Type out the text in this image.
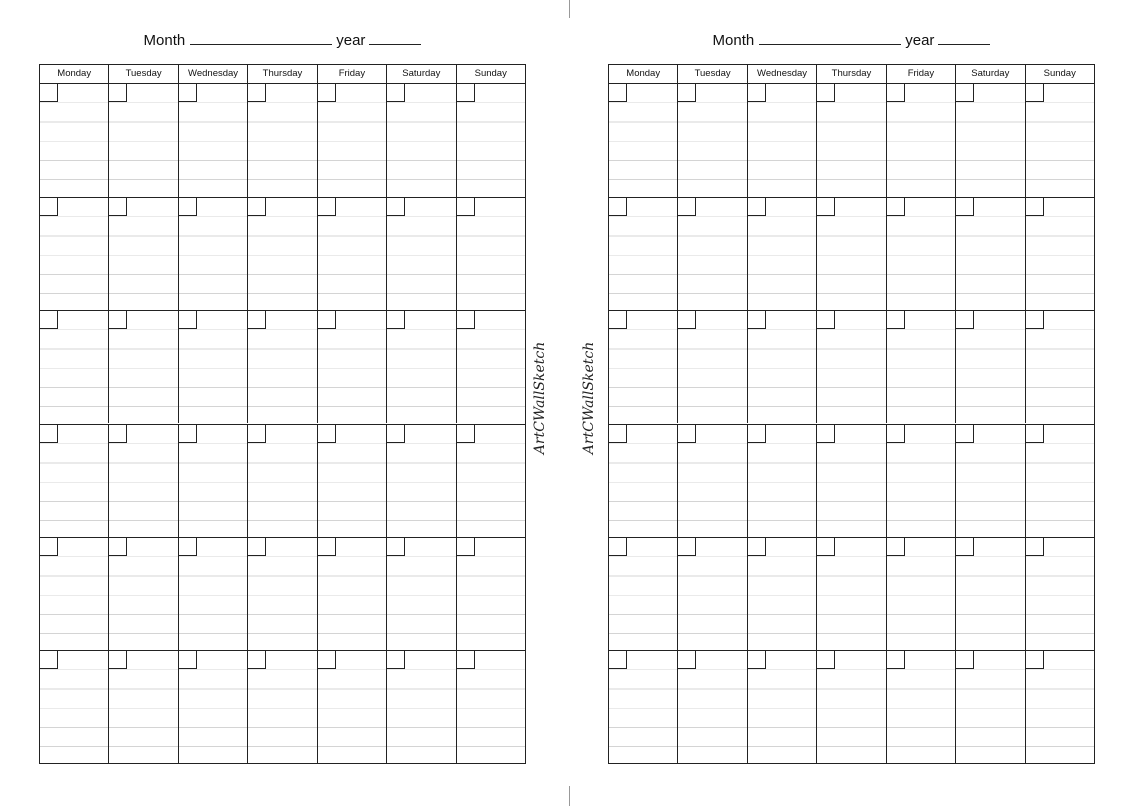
Month	year
Monday	Tuesday	Wednesday	Thursday	Friday	Saturday	Sunday
Month	year
Monday	Tuesday	Wednesday	Thursday	Friday	Saturday	Sunday
ArtCWallSketch ArtCWallSketch
